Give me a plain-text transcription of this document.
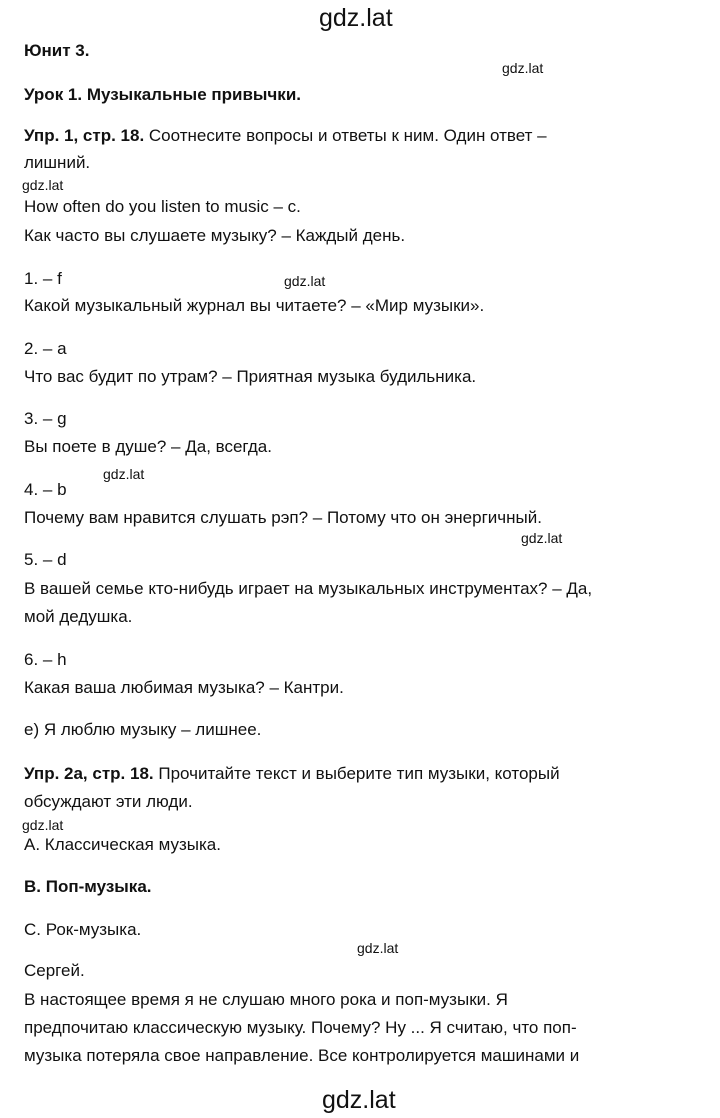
gdz.lat
Юнит 3.
gdz.lat
Урок 1. Музыкальные привычки.
Упр. 1, стр. 18. Соотнесите вопросы и ответы к ним. Один ответ –
лишний.
gdz.lat
How often do you listen to music – c.
Как часто вы слушаете музыку? – Каждый день.
1. – f	gdz.lat
Какой музыкальный журнал вы читаете? – «Мир музыки».
2. – a
Что вас будит по утрам? – Приятная музыка будильника.
3. – g
Вы поете в душе? – Да, всегда.
gdz.lat
4. – b
Почему вам нравится слушать рэп? – Потому что он энергичный.
gdz.lat
5. – d
В вашей семье кто-нибудь играет на музыкальных инструментах? – Да,
мой дедушка.
6. – h
Какая ваша любимая музыка? – Кантри.
e) Я люблю музыку – лишнее.
Упр. 2а, стр. 18. Прочитайте текст и выберите тип музыки, который
обсуждают эти люди.
gdz.lat
A. Классическая музыка.
B. Поп-музыка.
C. Рок-музыка.
gdz.lat
Сергей.
В настоящее время я не слушаю много рока и поп-музыки. Я
предпочитаю классическую музыку. Почему? Ну ... Я считаю, что поп-
музыка потеряла свое направление. Все контролируется машинами и
gdz.lat
